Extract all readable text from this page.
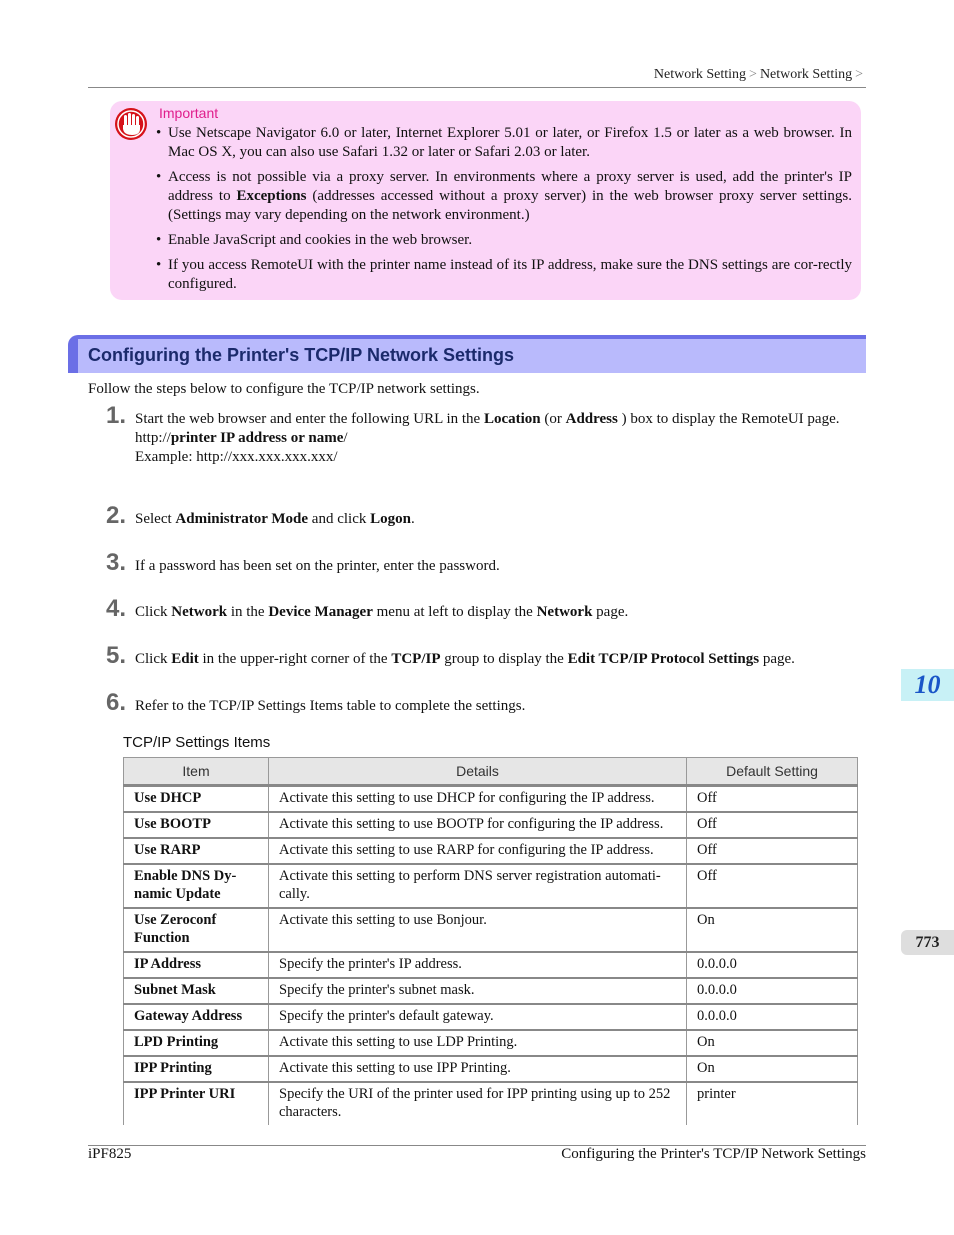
Network Setting > Network Setting >
Important
• Use Netscape Navigator 6.0 or later, Internet Explorer 5.01 or later, or Firefox 1.5 or later as a web browser. In Mac OS X, you can also use Safari 1.32 or later or Safari 2.03 or later.
• Access is not possible via a proxy server. In environments where a proxy server is used, add the printer's IP address to Exceptions (addresses accessed without a proxy server) in the web browser proxy server settings. (Settings may vary depending on the network environment.)
• Enable JavaScript and cookies in the web browser.
• If you access RemoteUI with the printer name instead of its IP address, make sure the DNS settings are cor-rectly configured.
Configuring the Printer's TCP/IP Network Settings
Follow the steps below to configure the TCP/IP network settings.
1. Start the web browser and enter the following URL in the Location (or Address ) box to display the RemoteUI page.

http://printer IP address or name/

Example: http://xxx.xxx.xxx.xxx/

2. Select Administrator Mode and click Logon.

3. If a password has been set on the printer, enter the password.

4. Click Network in the Device Manager menu at left to display the Network page.

5. Click Edit in the upper-right corner of the TCP/IP group to display the Edit TCP/IP Protocol Settings page.

6. Refer to the TCP/IP Settings Items table to complete the settings.

TCP/IP Settings Items
Item	Details	Default Setting
Use DHCP	Activate this setting to use DHCP for configuring the IP address.	Off
Use BOOTP	Activate this setting to use BOOTP for configuring the IP address.	Off
Use RARP	Activate this setting to use RARP for configuring the IP address.	Off
Enable DNS Dy-namic Update	Activate this setting to perform DNS server registration automati-cally.	Off
Use Zeroconf Function	Activate this setting to use Bonjour.	On
IP Address	Specify the printer's IP address.	0.0.0.0
Subnet Mask	Specify the printer's subnet mask.	0.0.0.0
Gateway Address	Specify the printer's default gateway.	0.0.0.0
LPD Printing	Activate this setting to use LDP Printing.	On
IPP Printing	Activate this setting to use IPP Printing.	On
IPP Printer URI	Specify the URI of the printer used for IPP printing using up to 252 characters.	printer
10
773
iPF825	Configuring the Printer's TCP/IP Network Settings
